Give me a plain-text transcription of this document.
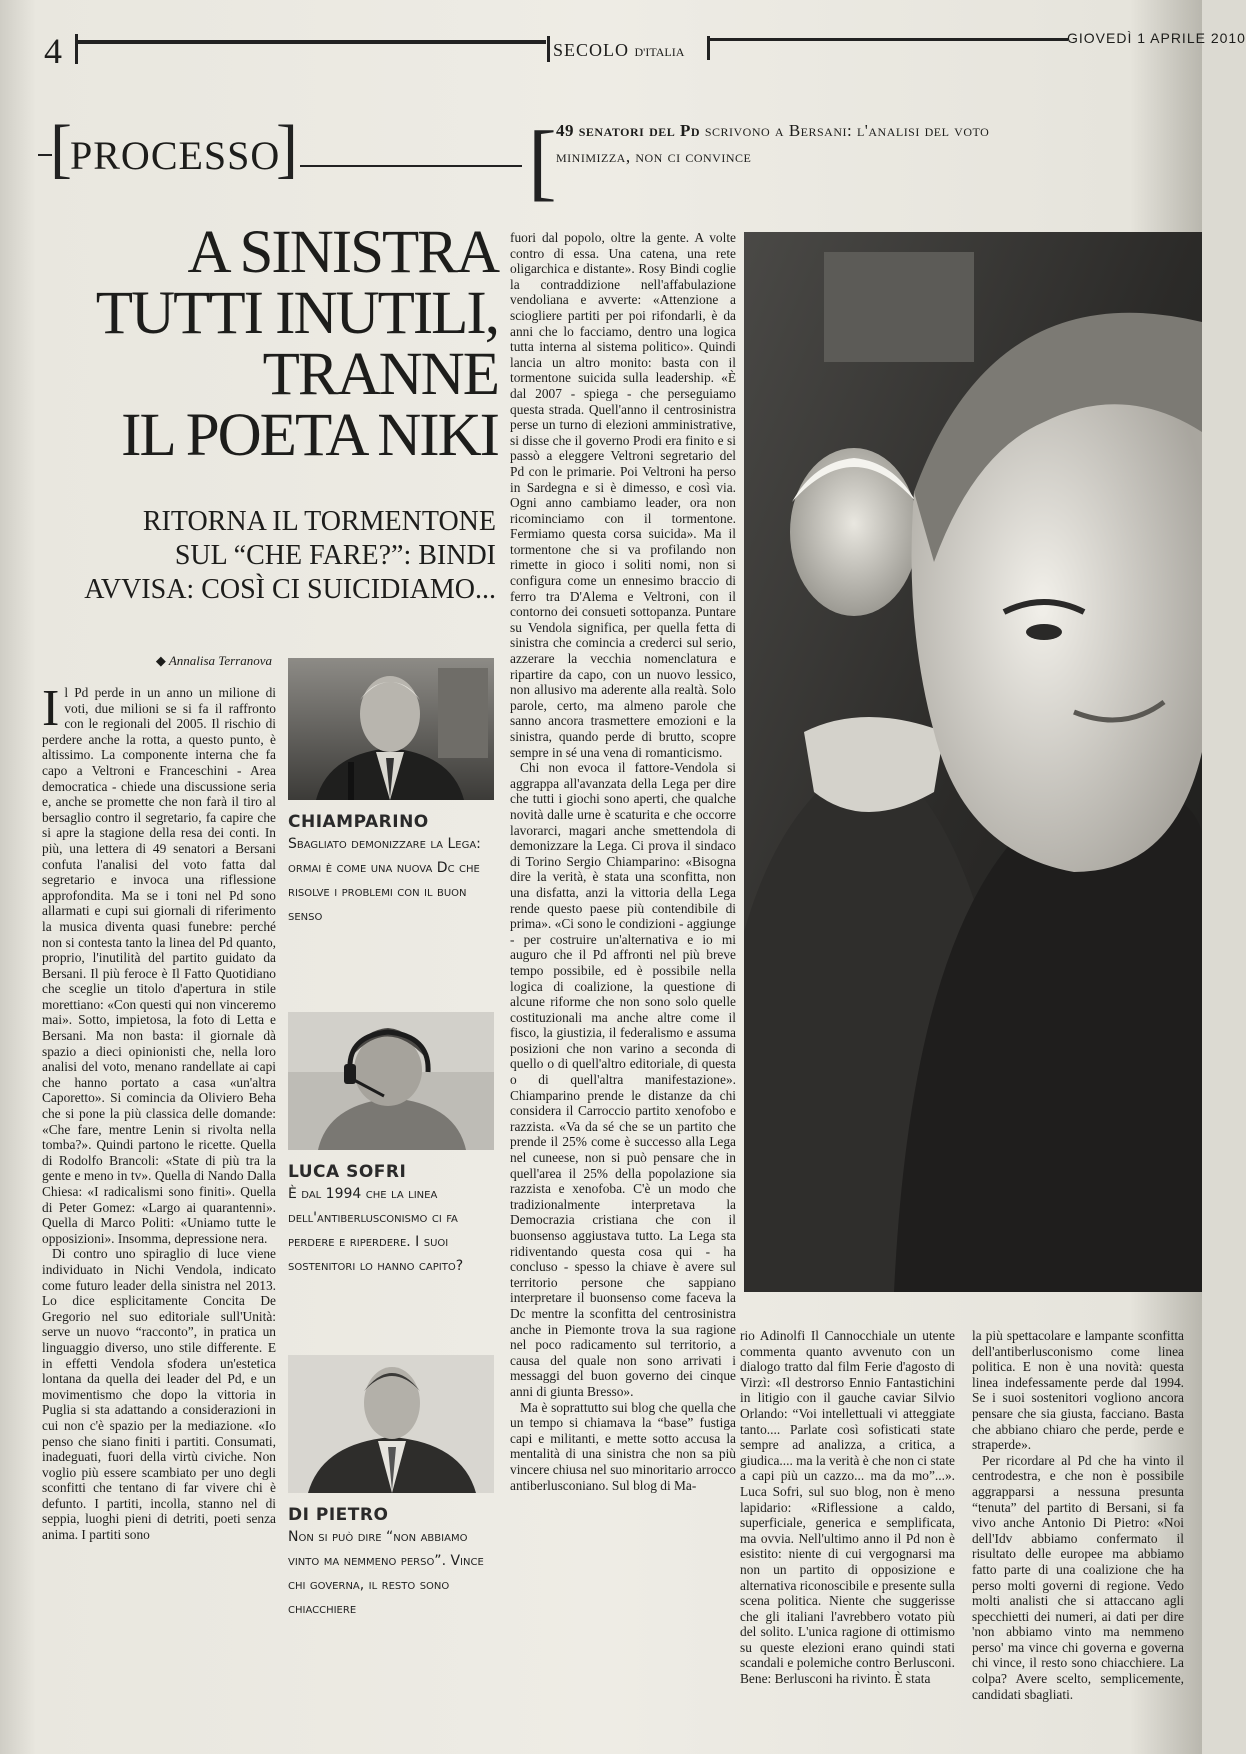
4	SECOLO D'ITALIA
GIOVEDÌ 1 APRILE 2010
[
PROCESSO
]	[ 49 senatori del Pd scrivono a Bersani: l'analisi del voto minimizza, non ci convince
A SINISTRA
TUTTI INUTILI,
TRANNE
IL POETA NIKI
RITORNA IL TORMENTONE
SUL “CHE FARE?”: BINDI
AVVISA: COSÌ CI SUICIDIAMO...
◆ Annalisa Terranova

Il Pd perde in un anno un milione di voti, due milioni se si fa il raffronto con le regionali del 2005. Il rischio di perdere anche la rotta, a questo punto, è altissimo. La componente interna che fa capo a Veltroni e Franceschini - Area democratica - chiede una discussione seria e, anche se promette che non farà il tiro al bersaglio contro il segretario, fa capire che si apre la stagione della resa dei conti. In più, una lettera di 49 senatori a Bersani confuta l'analisi del voto fatta dal segretario e invoca una riflessione approfondita. Ma se i toni nel Pd sono allarmati e cupi sui giornali di riferimento la musica diventa quasi funebre: perché non si contesta tanto la linea del Pd quanto, proprio, l'inutilità del partito guidato da Bersani. Il più feroce è Il Fatto Quotidiano che sceglie un titolo d'apertura in stile morettiano: «Con questi qui non vinceremo mai». Sotto, impietosa, la foto di Letta e Bersani. Ma non basta: il giornale dà spazio a dieci opinionisti che, nella loro analisi del voto, menano randellate ai capi che hanno portato a casa «un'altra Caporetto». Si comincia da Oliviero Beha che si pone la più classica delle domande: «Che fare, mentre Lenin si rivolta nella tomba?». Quindi partono le ricette. Quella di Rodolfo Brancoli: «State di più tra la gente e meno in tv». Quella di Nando Dalla Chiesa: «I radicalismi sono finiti». Quella di Peter Gomez: «Largo ai quarantenni». Quella di Marco Politi: «Uniamo tutte le opposizioni». Insomma, depressione nera.

Di contro uno spiraglio di luce viene individuato in Nichi Vendola, indicato come futuro leader della sinistra nel 2013. Lo dice esplicitamente Concita De Gregorio nel suo editoriale sull'Unità: serve un nuovo “racconto”, in pratica un linguaggio diverso, uno stile differente. E in effetti Vendola sfodera un'estetica lontana da quella dei leader del Pd, e un movimentismo che dopo la vittoria in Puglia si sta adattando a considerazioni in cui non c'è spazio per la mediazione. «Io penso che siano finiti i partiti. Consumati, inadeguati, fuori della virtù civiche. Non voglio più essere scambiato per uno degli sconfitti che tentano di far vivere chi è defunto. I partiti, incolla, stanno nel di seppia, luoghi pieni di detriti, poeti senza anima. I partiti sono

CHIAMPARINO
Sbagliato demonizzare la Lega: ormai è come una nuova Dc che risolve i problemi con il buon senso
LUCA SOFRI
È dal 1994 che la linea dell'antiberlusconismo ci fa perdere e riperdere. I suoi sostenitori lo hanno capito?
DI PIETRO
Non si può dire “non abbiamo vinto ma nemmeno perso”. Vince chi governa, il resto sono chiacchiere

fuori dal popolo, oltre la gente. A volte contro di essa. Una catena, una rete oligarchica e distante». Rosy Bindi coglie la contraddizione nell'affabulazione vendoliana e avverte: «Attenzione a sciogliere partiti per poi rifondarli, è da anni che lo facciamo, dentro una logica tutta interna al sistema politico». Quindi lancia un altro monito: basta con il tormentone suicida sulla leadership. «È dal 2007 - spiega - che perseguiamo questa strada. Quell'anno il centrosinistra perse un turno di elezioni amministrative, si disse che il governo Prodi era finito e si passò a eleggere Veltroni segretario del Pd con le primarie. Poi Veltroni ha perso in Sardegna e si è dimesso, e così via. Ogni anno cambiamo leader, ora non ricominciamo con il tormentone. Fermiamo questa corsa suicida». Ma il tormentone che si va profilando non rimette in gioco i soliti nomi, non si configura come un ennesimo braccio di ferro tra D'Alema e Veltroni, con il contorno dei consueti sottopanza. Puntare su Vendola significa, per quella fetta di sinistra che comincia a crederci sul serio, azzerare la vecchia nomenclatura e ripartire da capo, con un nuovo lessico, non allusivo ma aderente alla realtà. Solo parole, certo, ma almeno parole che sanno ancora trasmettere emozioni e la sinistra, quando perde di brutto, scopre sempre in sé una vena di romanticismo.

Chi non evoca il fattore-Vendola si aggrappa all'avanzata della Lega per dire che tutti i giochi sono aperti, che qualche novità dalle urne è scaturita e che occorre lavorarci, magari anche smettendola di demonizzare la Lega. Ci prova il sindaco di Torino Sergio Chiamparino: «Bisogna dire la verità, è stata una sconfitta, non una disfatta, anzi la vittoria della Lega rende questo paese più contendibile di prima». «Ci sono le condizioni - aggiunge - per costruire un'alternativa e io mi auguro che il Pd affronti nel più breve tempo possibile, ed è possibile nella logica di coalizione, la questione di alcune riforme che non sono solo quelle costituzionali ma anche altre come il fisco, la giustizia, il federalismo e assuma posizioni che non varino a seconda di quello o di quell'altro editoriale, di questa o di quell'altra manifestazione». Chiamparino prende le distanze da chi considera il Carroccio partito xenofobo e razzista. «Va da sé che se un partito che prende il 25% come è successo alla Lega nel cuneese, non si può pensare che in quell'area il 25% della popolazione sia razzista e xenofoba. C'è un modo che tradizionalmente interpretava la Democrazia cristiana che con il buonsenso aggiustava tutto. La Lega sta ridiventando questa cosa qui - ha concluso - spesso la chiave è avere sul territorio persone che sappiano interpretare il buonsenso come faceva la Dc mentre la sconfitta del centrosinistra anche in Piemonte trova la sua ragione nel poco radicamento sul territorio, a causa del quale non sono arrivati i messaggi del buon governo dei cinque anni di giunta Bresso».

Ma è soprattutto sui blog che quella che un tempo si chiamava la “base” fustiga capi e militanti, e mette sotto accusa la mentalità di una sinistra che non sa più vincere chiusa nel suo minoritario arrocco antiberlusconiano. Sul blog di Ma-

rio Adinolfi Il Cannocchiale un utente commenta quanto avvenuto con un dialogo tratto dal film Ferie d'agosto di Virzì: «Il destrorso Ennio Fantastichini in litigio con il gauche caviar Silvio Orlando: “Voi intellettuali vi atteggiate tanto.... Parlate così sofisticati state sempre ad analizza, a critica, a giudica.... ma la verità è che non ci state a capi più un cazzo... ma da mo”...». Luca Sofri, sul suo blog, non è meno lapidario: «Riflessione a caldo, superficiale, generica e semplificata, ma ovvia. Nell'ultimo anno il Pd non è esistito: niente di cui vergognarsi ma non un partito di opposizione e alternativa riconoscibile e presente sulla scena politica. Niente che suggerisse che gli italiani l'avrebbero votato più del solito. L'unica ragione di ottimismo su queste elezioni erano quindi stati scandali e polemiche contro Berlusconi. Bene: Berlusconi ha rivinto. È stata

la più spettacolare e lampante sconfitta dell'antiberlusconismo come linea politica. E non è una novità: questa linea indefessamente perde dal 1994. Se i suoi sostenitori vogliono ancora pensare che sia giusta, facciano. Basta che abbiano chiaro che perde, perde e straperde».

Per ricordare al Pd che ha vinto il centrodestra, e che non è possibile aggrapparsi a nessuna presunta “tenuta” del partito di Bersani, si fa vivo anche Antonio Di Pietro: «Noi dell'Idv abbiamo confermato il risultato delle europee ma abbiamo fatto parte di una coalizione che ha perso molti governi di regione. Vedo molti analisti che si attaccano agli specchietti dei numeri, ai dati per dire 'non abbiamo vinto ma nemmeno perso' ma vince chi governa e governa chi vince, il resto sono chiacchiere. La colpa? Avere scelto, semplicemente, candidati sbagliati.
